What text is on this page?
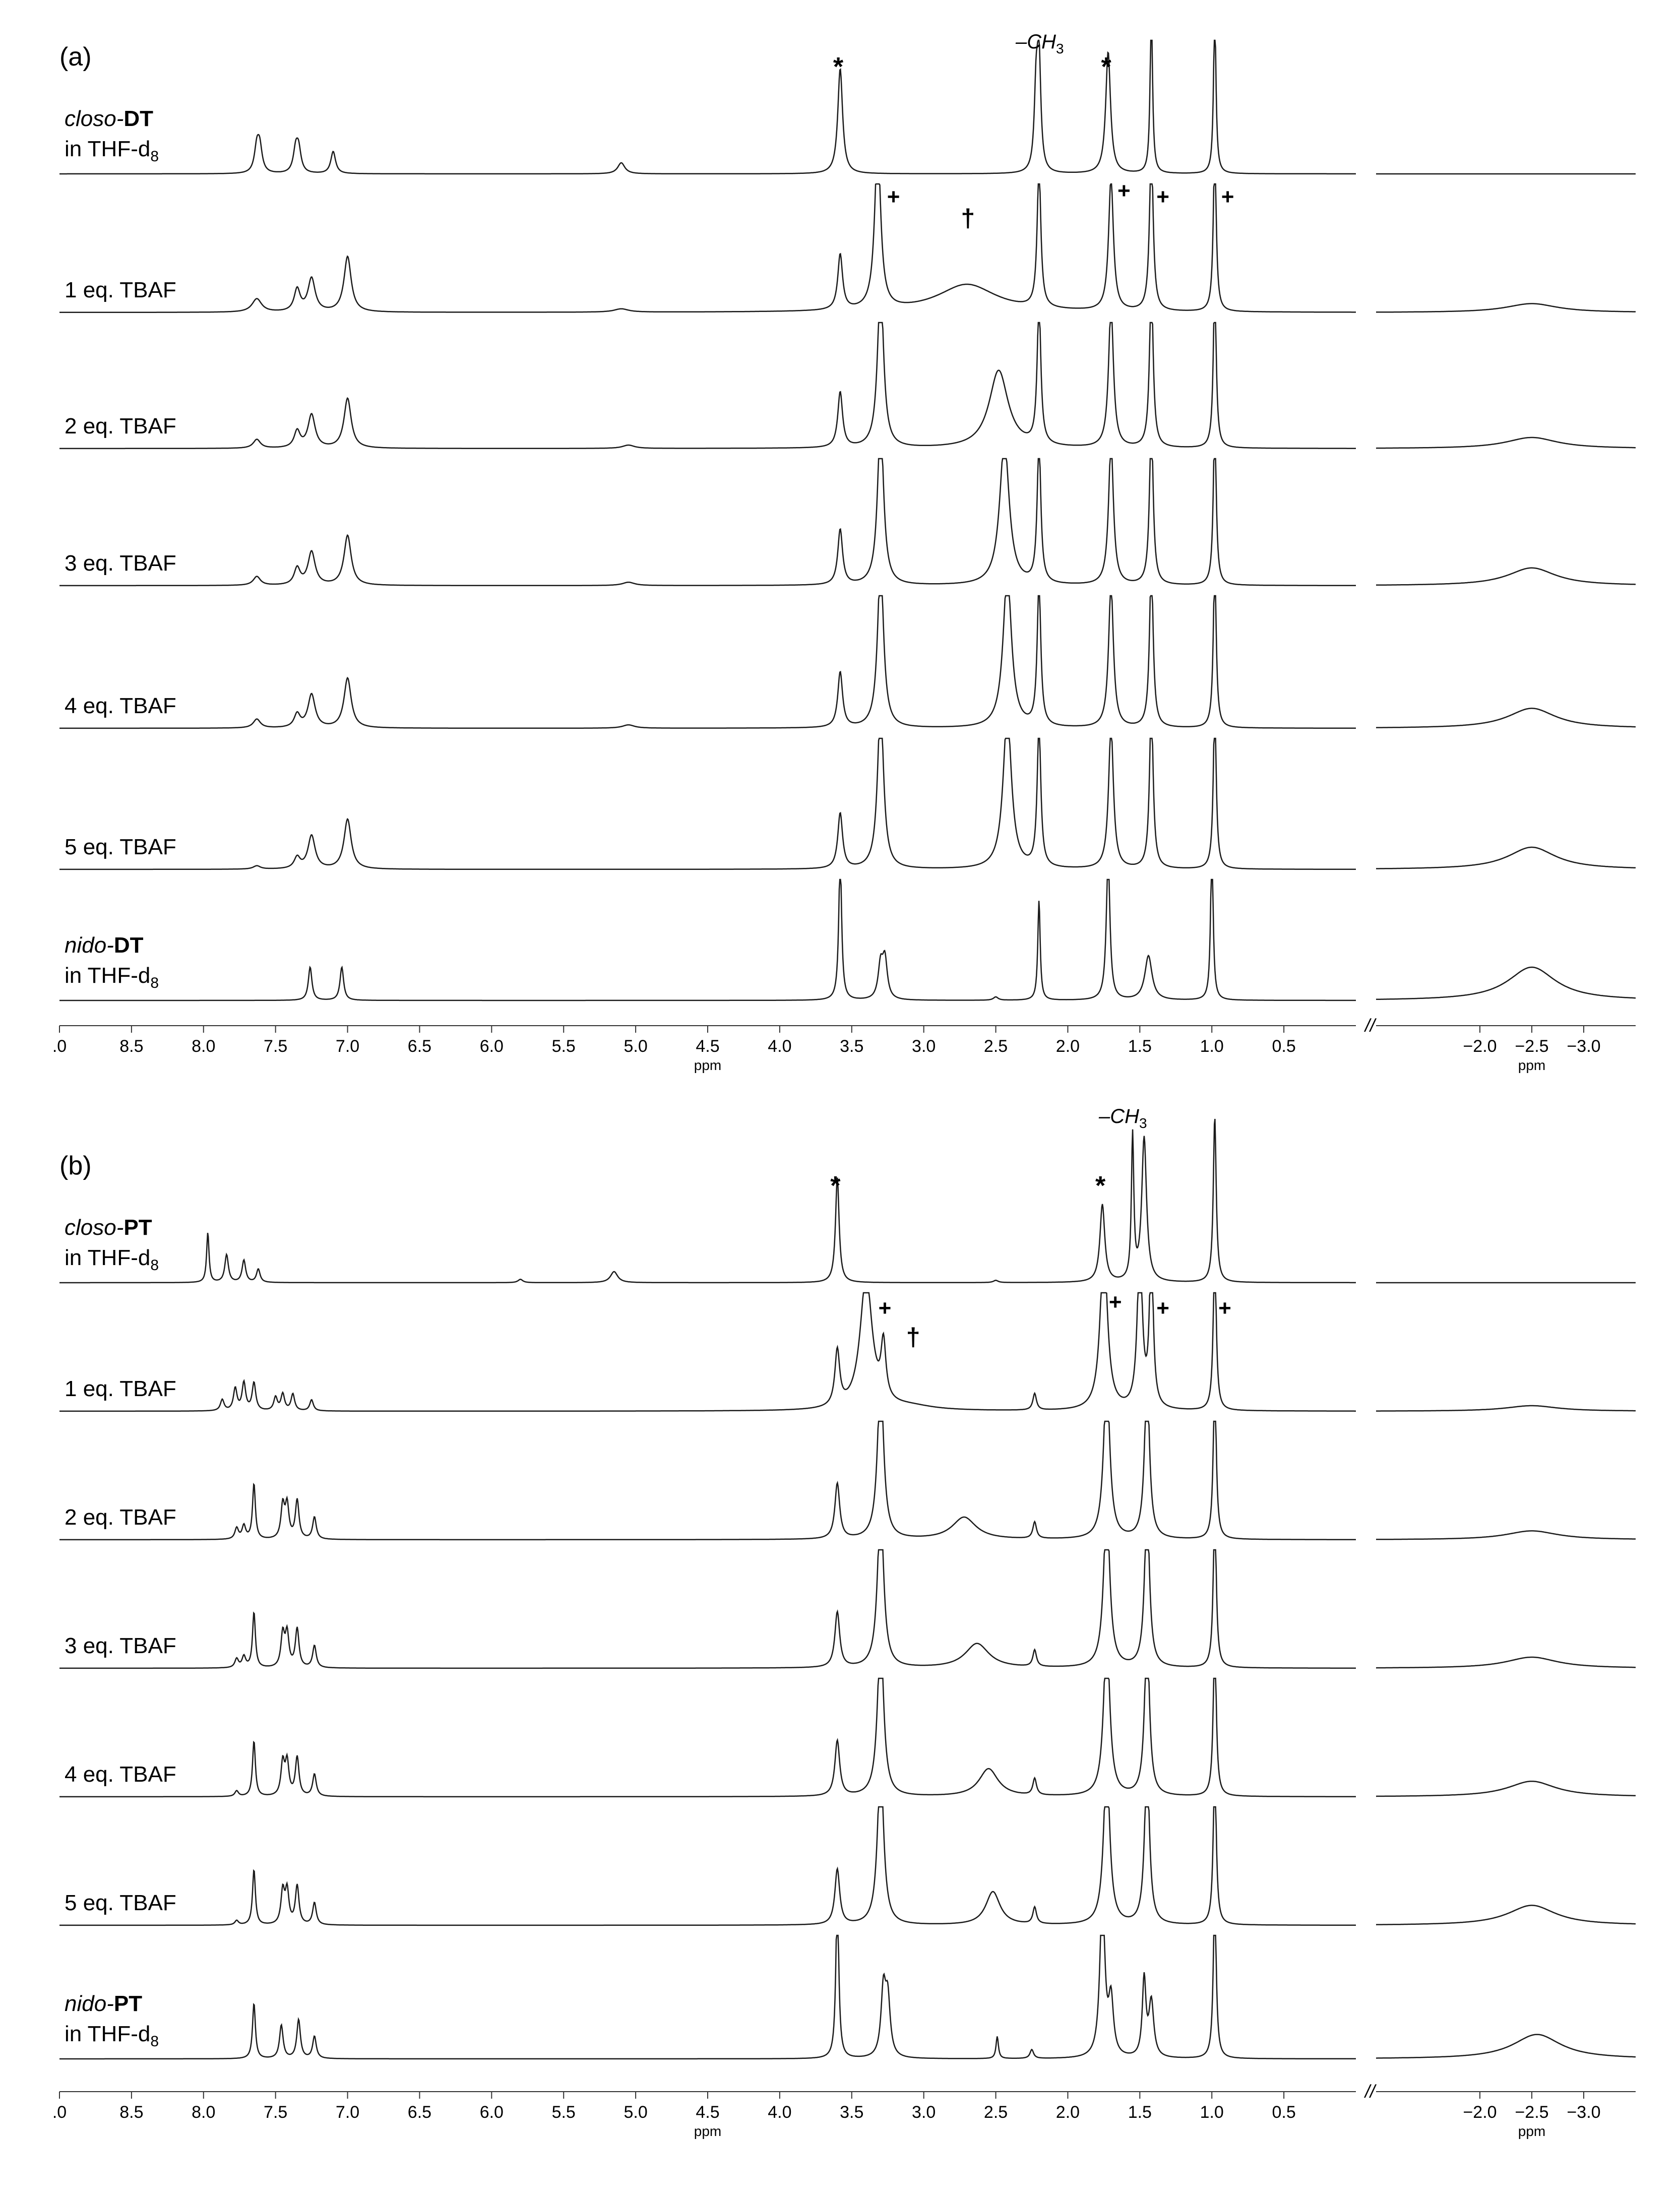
(a)
closo-DT
in THF-$d_8$
1 eq. TBAF
2 eq. TBAF
3 eq. TBAF
4 eq. TBAF
5 eq. TBAF
nido-DT
in THF-$d_8$
$-CH_3$
*	*
+	+ + +
†
.0	8.5	8.0	7.5	7.0	6.5	6.0	5.5	5.0	4.5	4.0	3.5	3.0	2.5	2.0	1.5	1.0	0.5
ppm
//
−2.0 −2.5 −3.0
ppm
(b)
closo-PT
in THF-$d_8$
1 eq. TBAF
2 eq. TBAF
3 eq. TBAF
4 eq. TBAF
5 eq. TBAF
nido-PT
in THF-$d_8$
$-CH_3$
*	*
+	+ + +
†
.0	8.5	8.0	7.5	7.0	6.5	6.0	5.5	5.0	4.5	4.0	3.5	3.0	2.5	2.0	1.5	1.0	0.5
ppm
//
−2.0 −2.5 −3.0
ppm
